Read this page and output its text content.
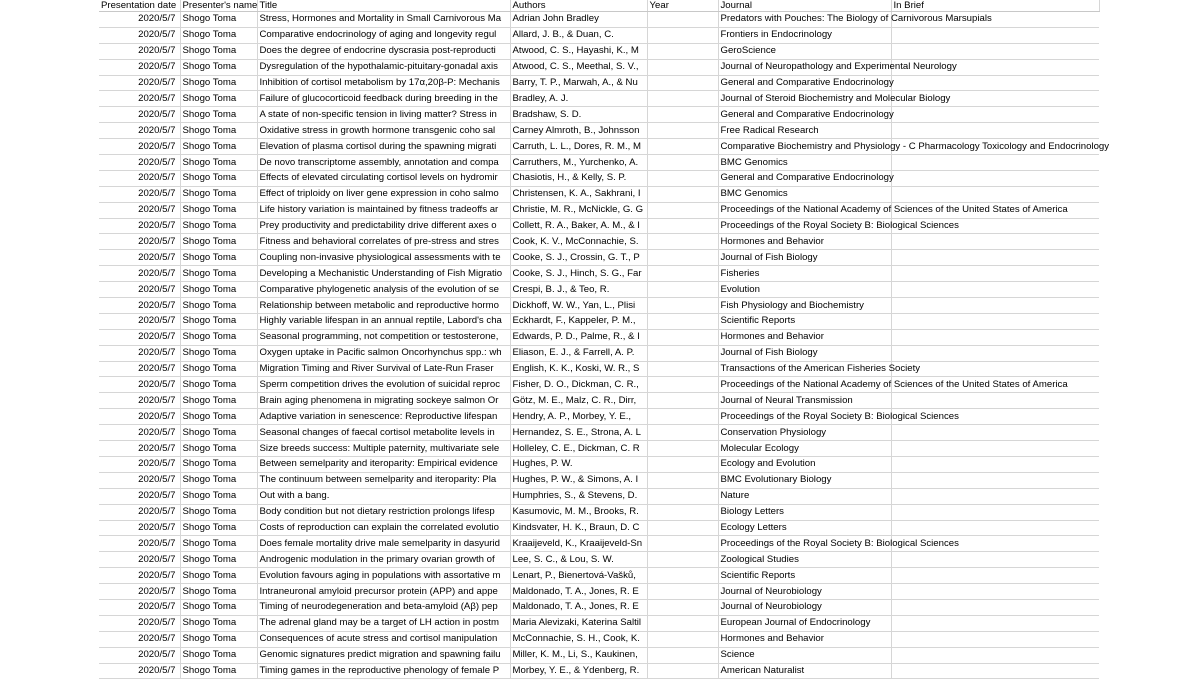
Presentation date	Presenter's name	Title	Authors	Year	Journal	In Brief
2020/5/7	Shogo Toma	Stress, Hormones and Mortality in Small Carnivorous Ma	Adrian John Bradley		Predators with Pouches: The Biology of Carnivorous Marsupials	
2020/5/7	Shogo Toma	Comparative endocrinology of aging and longevity regul	Allard, J. B., & Duan, C.		Frontiers in Endocrinology	
2020/5/7	Shogo Toma	Does the degree of endocrine dyscrasia post-reproducti	Atwood, C. S., Hayashi, K., M		GeroScience	
2020/5/7	Shogo Toma	Dysregulation of the hypothalamic-pituitary-gonadal axis	Atwood, C. S., Meethal, S. V.,		Journal of Neuropathology and Experimental Neurology	
2020/5/7	Shogo Toma	Inhibition of cortisol metabolism by 17α,20β-P: Mechanis	Barry, T. P., Marwah, A., & Nu		General and Comparative Endocrinology	
2020/5/7	Shogo Toma	Failure of glucocorticoid feedback during breeding in the	Bradley, A. J.		Journal of Steroid Biochemistry and Molecular Biology	
2020/5/7	Shogo Toma	A state of non-specific tension in living matter? Stress in	Bradshaw, S. D.		General and Comparative Endocrinology	
2020/5/7	Shogo Toma	Oxidative stress in growth hormone transgenic coho sal	Carney Almroth, B., Johnsson		Free Radical Research	
2020/5/7	Shogo Toma	Elevation of plasma cortisol during the spawning migrati	Carruth, L. L., Dores, R. M., M		Comparative Biochemistry and Physiology - C Pharmacology Toxicology and Endocrinology	
2020/5/7	Shogo Toma	De novo transcriptome assembly, annotation and compa	Carruthers, M., Yurchenko, A.		BMC Genomics	
2020/5/7	Shogo Toma	Effects of elevated circulating cortisol levels on hydromir	Chasiotis, H., & Kelly, S. P.		General and Comparative Endocrinology	
2020/5/7	Shogo Toma	Effect of triploidy on liver gene expression in coho salmo	Christensen, K. A., Sakhrani, I		BMC Genomics	
2020/5/7	Shogo Toma	Life history variation is maintained by fitness tradeoffs ar	Christie, M. R., McNickle, G. G		Proceedings of the National Academy of Sciences of the United States of America	
2020/5/7	Shogo Toma	Prey productivity and predictability drive different axes o	Collett, R. A., Baker, A. M., & I		Proceedings of the Royal Society B: Biological Sciences	
2020/5/7	Shogo Toma	Fitness and behavioral correlates of pre-stress and stres	Cook, K. V., McConnachie, S.		Hormones and Behavior	
2020/5/7	Shogo Toma	Coupling non-invasive physiological assessments with te	Cooke, S. J., Crossin, G. T., P		Journal of Fish Biology	
2020/5/7	Shogo Toma	Developing a Mechanistic Understanding of Fish Migratio	Cooke, S. J., Hinch, S. G., Far		Fisheries	
2020/5/7	Shogo Toma	Comparative phylogenetic analysis of the evolution of se	Crespi, B. J., & Teo, R.		Evolution	
2020/5/7	Shogo Toma	Relationship between metabolic and reproductive hormo	Dickhoff, W. W., Yan, L., Plisi		Fish Physiology and Biochemistry	
2020/5/7	Shogo Toma	Highly variable lifespan in an annual reptile, Labord's cha	Eckhardt, F., Kappeler, P. M.,		Scientific Reports	
2020/5/7	Shogo Toma	Seasonal programming, not competition or testosterone,	Edwards, P. D., Palme, R., & I		Hormones and Behavior	
2020/5/7	Shogo Toma	Oxygen uptake in Pacific salmon Oncorhynchus spp.: wh	Eliason, E. J., & Farrell, A. P.		Journal of Fish Biology	
2020/5/7	Shogo Toma	Migration Timing and River Survival of Late-Run Fraser	English, K. K., Koski, W. R., S		Transactions of the American Fisheries Society	
2020/5/7	Shogo Toma	Sperm competition drives the evolution of suicidal reproc	Fisher, D. O., Dickman, C. R.,		Proceedings of the National Academy of Sciences of the United States of America	
2020/5/7	Shogo Toma	Brain aging phenomena in migrating sockeye salmon Or	Götz, M. E., Malz, C. R., Dirr,		Journal of Neural Transmission	
2020/5/7	Shogo Toma	Adaptive variation in senescence: Reproductive lifespan	Hendry, A. P., Morbey, Y. E.,		Proceedings of the Royal Society B: Biological Sciences	
2020/5/7	Shogo Toma	Seasonal changes of faecal cortisol metabolite levels in	Hernandez, S. E., Strona, A. L		Conservation Physiology	
2020/5/7	Shogo Toma	Size breeds success: Multiple paternity, multivariate sele	Holleley, C. E., Dickman, C. R		Molecular Ecology	
2020/5/7	Shogo Toma	Between semelparity and iteroparity: Empirical evidence	Hughes, P. W.		Ecology and Evolution	
2020/5/7	Shogo Toma	The continuum between semelparity and iteroparity: Pla	Hughes, P. W., & Simons, A. I		BMC Evolutionary Biology	
2020/5/7	Shogo Toma	Out with a bang.	Humphries, S., & Stevens, D.		Nature	
2020/5/7	Shogo Toma	Body condition but not dietary restriction prolongs lifesp	Kasumovic, M. M., Brooks, R.		Biology Letters	
2020/5/7	Shogo Toma	Costs of reproduction can explain the correlated evolutio	Kindsvater, H. K., Braun, D. C		Ecology Letters	
2020/5/7	Shogo Toma	Does female mortality drive male semelparity in dasyurid	Kraaijeveld, K., Kraaijeveld-Sn		Proceedings of the Royal Society B: Biological Sciences	
2020/5/7	Shogo Toma	Androgenic modulation in the primary ovarian growth of	Lee, S. C., & Lou, S. W.		Zoological Studies	
2020/5/7	Shogo Toma	Evolution favours aging in populations with assortative m	Lenart, P., Bienertová-Vašků,		Scientific Reports	
2020/5/7	Shogo Toma	Intraneuronal amyloid precursor protein (APP) and appe	Maldonado, T. A., Jones, R. E		Journal of Neurobiology	
2020/5/7	Shogo Toma	Timing of neurodegeneration and beta-amyloid (Aβ) pep	Maldonado, T. A., Jones, R. E		Journal of Neurobiology	
2020/5/7	Shogo Toma	The adrenal gland may be a target of LH action in postm	Maria Alevizaki, Katerina Saltil		European Journal of Endocrinology	
2020/5/7	Shogo Toma	Consequences of acute stress and cortisol manipulation	McConnachie, S. H., Cook, K.		Hormones and Behavior	
2020/5/7	Shogo Toma	Genomic signatures predict migration and spawning failu	Miller, K. M., Li, S., Kaukinen,		Science	
2020/5/7	Shogo Toma	Timing games in the reproductive phenology of female P	Morbey, Y. E., & Ydenberg, R.		American Naturalist	
